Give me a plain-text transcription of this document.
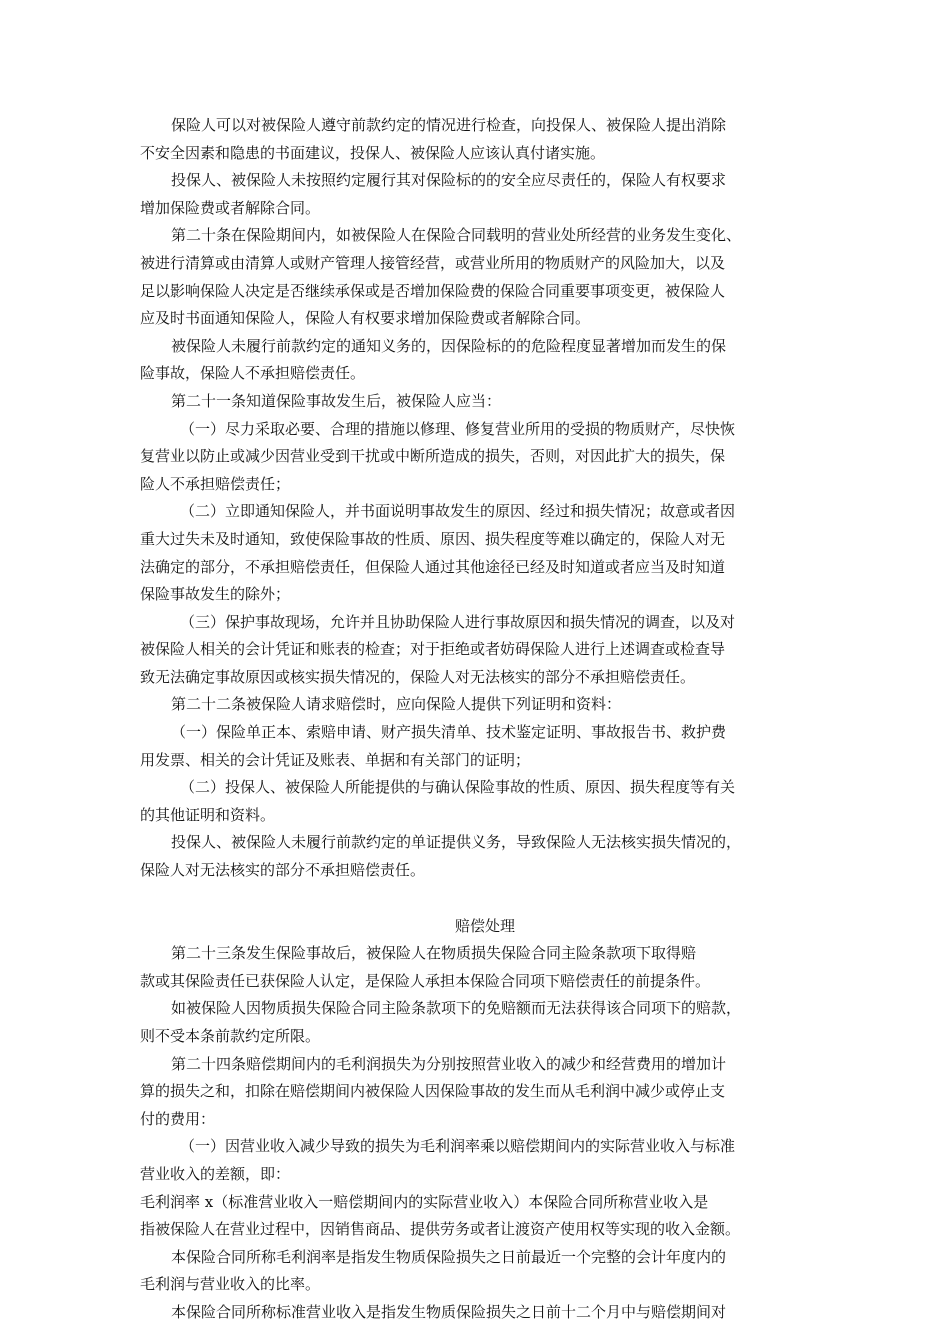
保险人可以对被保险人遵守前款约定的情况进行检查，向投保人、被保险人提出消除
不安全因素和隐患的书面建议，投保人、被保险人应该认真付诸实施。
投保人、被保险人未按照约定履行其对保险标的的安全应尽责任的，保险人有权要求
增加保险费或者解除合同。
第二十条在保险期间内，如被保险人在保险合同载明的营业处所经营的业务发生变化、
被进行清算或由清算人或财产管理人接管经营，或营业所用的物质财产的风险加大，以及
足以影响保险人决定是否继续承保或是否增加保险费的保险合同重要事项变更，被保险人
应及时书面通知保险人，保险人有权要求增加保险费或者解除合同。
被保险人未履行前款约定的通知义务的，因保险标的的危险程度显著增加而发生的保
险事故，保险人不承担赔偿责任。
第二十一条知道保险事故发生后，被保险人应当：
（一）尽力采取必要、合理的措施以修理、修复营业所用的受损的物质财产，尽快恢
复营业以防止或减少因营业受到干扰或中断所造成的损失，否则，对因此扩大的损失，保
险人不承担赔偿责任；
（二）立即通知保险人，并书面说明事故发生的原因、经过和损失情况；故意或者因
重大过失未及时通知，致使保险事故的性质、原因、损失程度等难以确定的，保险人对无
法确定的部分，不承担赔偿责任，但保险人通过其他途径已经及时知道或者应当及时知道
保险事故发生的除外；
（三）保护事故现场，允许并且协助保险人进行事故原因和损失情况的调查，以及对
被保险人相关的会计凭证和账表的检查；对于拒绝或者妨碍保险人进行上述调查或检查导
致无法确定事故原因或核实损失情况的，保险人对无法核实的部分不承担赔偿责任。
第二十二条被保险人请求赔偿时，应向保险人提供下列证明和资料：
（一）保险单正本、索赔申请、财产损失清单、技术鉴定证明、事故报告书、救护费
用发票、相关的会计凭证及账表、单据和有关部门的证明；
（二）投保人、被保险人所能提供的与确认保险事故的性质、原因、损失程度等有关
的其他证明和资料。
投保人、被保险人未履行前款约定的单证提供义务，导致保险人无法核实损失情况的，
保险人对无法核实的部分不承担赔偿责任。
赔偿处理
第二十三条发生保险事故后，被保险人在物质损失保险合同主险条款项下取得赔
款或其保险责任已获保险人认定，是保险人承担本保险合同项下赔偿责任的前提条件。
如被保险人因物质损失保险合同主险条款项下的免赔额而无法获得该合同项下的赔款，
则不受本条前款约定所限。
第二十四条赔偿期间内的毛利润损失为分别按照营业收入的减少和经营费用的增加计
算的损失之和，扣除在赔偿期间内被保险人因保险事故的发生而从毛利润中减少或停止支
付的费用：
（一）因营业收入减少导致的损失为毛利润率乘以赔偿期间内的实际营业收入与标准
营业收入的差额，即：
毛利润率 x（标准营业收入一赔偿期间内的实际营业收入）本保险合同所称营业收入是
指被保险人在营业过程中，因销售商品、提供劳务或者让渡资产使用权等实现的收入金额。
本保险合同所称毛利润率是指发生物质保险损失之日前最近一个完整的会计年度内的
毛利润与营业收入的比率。
本保险合同所称标准营业收入是指发生物质保险损失之日前十二个月中与赔偿期间对
